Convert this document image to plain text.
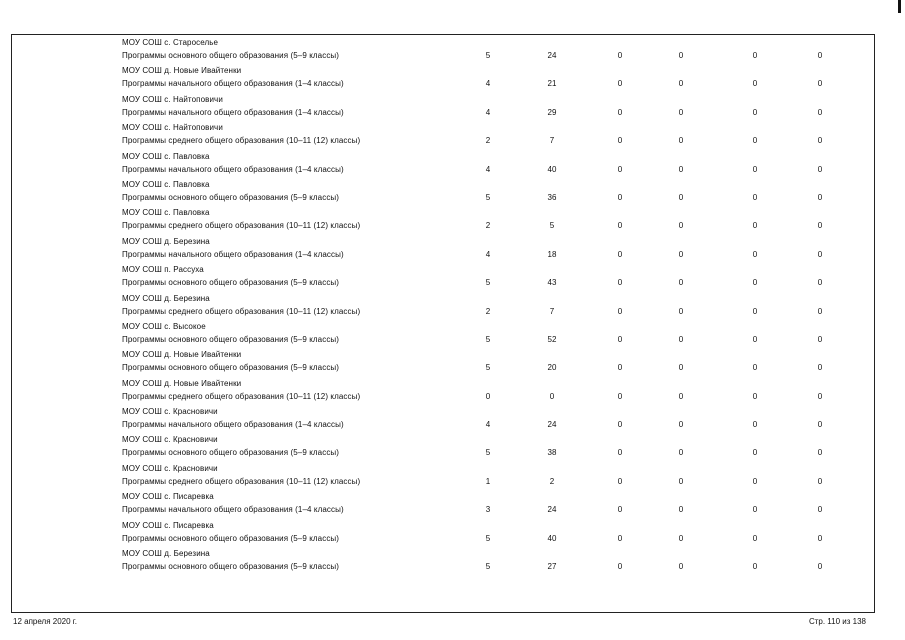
МОУ СОШ с. Староселье
Программы основного общего образования (5–9 классы)	5	24	0	0	0	0
МОУ СОШ д. Новые Ивайтенки
Программы начального общего образования (1–4 классы)	4	21	0	0	0	0
МОУ СОШ с. Найтоповичи
Программы начального общего образования (1–4 классы)	4	29	0	0	0	0
МОУ СОШ с. Найтоповичи
Программы среднего общего образования (10–11 (12) классы)	2	7	0	0	0	0
МОУ СОШ с. Павловка
Программы начального общего образования (1–4 классы)	4	40	0	0	0	0
МОУ СОШ с. Павловка
Программы основного общего образования (5–9 классы)	5	36	0	0	0	0
МОУ СОШ с. Павловка
Программы среднего общего образования (10–11 (12) классы)	2	5	0	0	0	0
МОУ СОШ д. Березина
Программы начального общего образования (1–4 классы)	4	18	0	0	0	0
МОУ СОШ п. Рассуха
Программы основного общего образования (5–9 классы)	5	43	0	0	0	0
МОУ СОШ д. Березина
Программы среднего общего образования (10–11 (12) классы)	2	7	0	0	0	0
МОУ СОШ с. Высокое
Программы основного общего образования (5–9 классы)	5	52	0	0	0	0
МОУ СОШ д. Новые Ивайтенки
Программы основного общего образования (5–9 классы)	5	20	0	0	0	0
МОУ СОШ д. Новые Ивайтенки
Программы среднего общего образования (10–11 (12) классы)	0	0	0	0	0	0
МОУ СОШ с. Красновичи
Программы начального общего образования (1–4 классы)	4	24	0	0	0	0
МОУ СОШ с. Красновичи
Программы основного общего образования (5–9 классы)	5	38	0	0	0	0
МОУ СОШ с. Красновичи
Программы среднего общего образования (10–11 (12) классы)	1	2	0	0	0	0
МОУ СОШ с. Писаревка
Программы начального общего образования (1–4 классы)	3	24	0	0	0	0
МОУ СОШ с. Писаревка
Программы основного общего образования (5–9 классы)	5	40	0	0	0	0
МОУ СОШ д. Березина
Программы основного общего образования (5–9 классы)	5	27	0	0	0	0
12 апреля 2020 г.	Стр. 110 из 138
